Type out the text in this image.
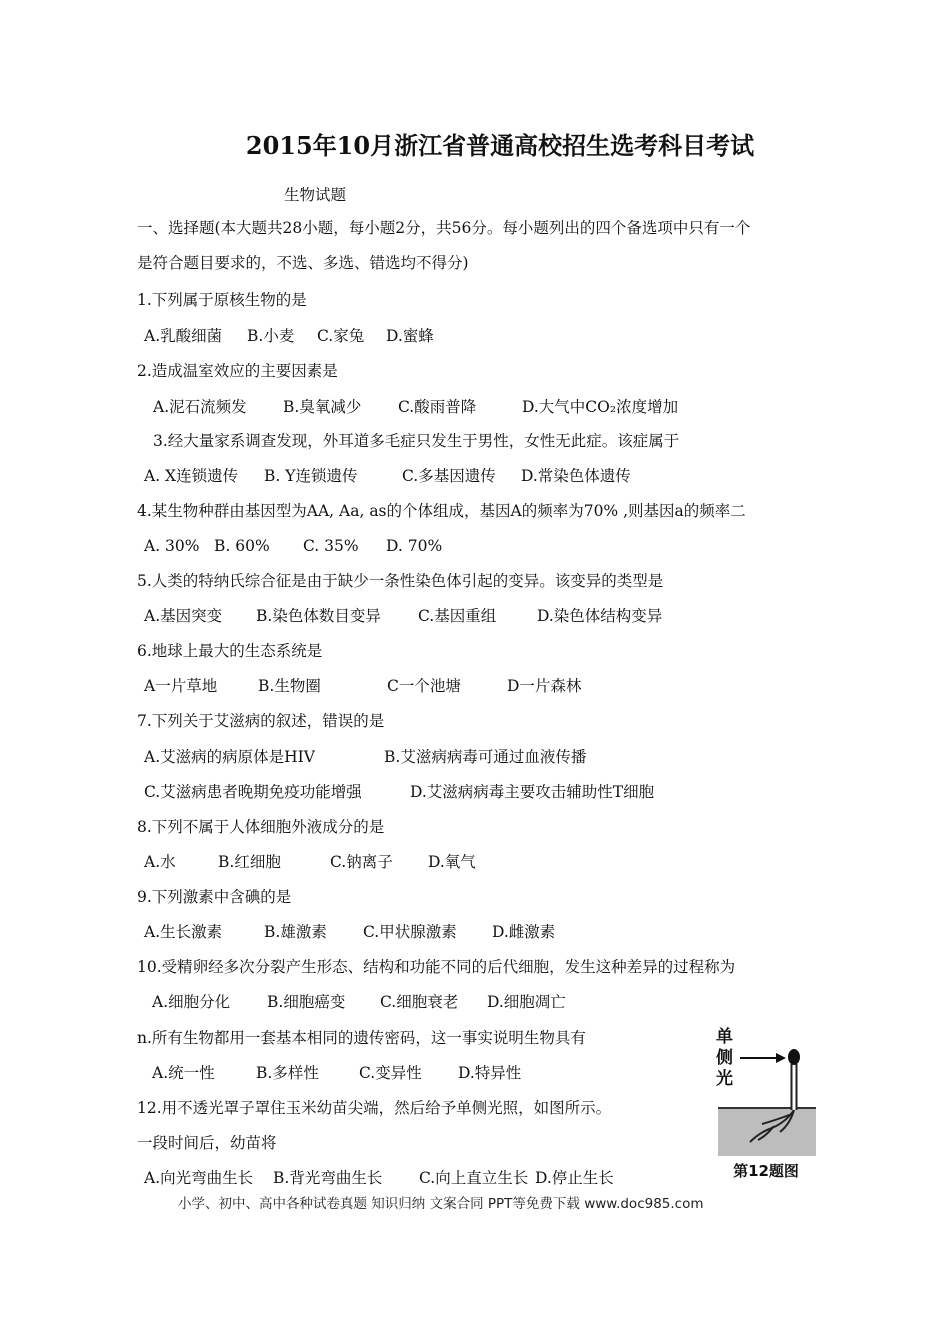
2015年10月浙江省普通高校招生选考科目考试
生物试题
一、选择题(本大题共28小题，每小题2分，共56分。每小题列出的四个备选项中只有一个
是符合题目要求的，不选、多选、错选均不得分)
1.下列属于原核生物的是
A.乳酸细菌 B.小麦 C.家兔 D.蜜蜂
2.造成温室效应的主要因素是
A.泥石流频发 B.臭氧减少 C.酸雨普降	D.大气中CO₂浓度增加
3.经大量家系调查发现，外耳道多毛症只发生于男性，女性无此症。该症属于
A. X连锁遗传 B. Y连锁遗传	C.多基因遗传 D.常染色体遗传
4.某生物种群由基因型为AA, Aa, as的个体组成，基因A的频率为70% ,则基因a的频率二
A. 30% B. 60% C. 35% D. 70%
5.人类的特纳氏综合征是由于缺少一条性染色体引起的变异。该变异的类型是
A.基因突变 B.染色体数目变异 C.基因重组	D.染色体结构变异
6.地球上最大的生态系统是
A一片草地	B.生物圈	C一个池塘	D一片森林
7.下列关于艾滋病的叙述，错误的是
A.艾滋病的病原体是HIV	B.艾滋病病毒可通过血液传播
C.艾滋病患者晚期免疫功能增强	D.艾滋病病毒主要攻击辅助性T细胞
8.下列不属于人体细胞外液成分的是
A.水	B.红细胞	C.钠离子 D.氧气
9.下列激素中含碘的是
A.生长激素	B.雄激素 C.甲状腺激素 D.雌激素
10.受精卵经多次分裂产生形态、结构和功能不同的后代细胞，发生这种差异的过程称为
A.细胞分化 B.细胞癌变 C.细胞衰老 D.细胞凋亡
n.所有生物都用一套基本相同的遗传密码，这一事实说明生物具有
A.统一性	B.多样性	C.变异性 D.特异性
12.用不透光罩子罩住玉米幼苗尖端，然后给予单侧光照，如图所示。
一段时间后，幼苗将
A.向光弯曲生长 B.背光弯曲生长 C.向上直立生长 D.停止生长
单
侧
光
第12题图
小学、初中、高中各种试卷真题 知识归纳 文案合同 PPT等免费下载 www.doc985.com
